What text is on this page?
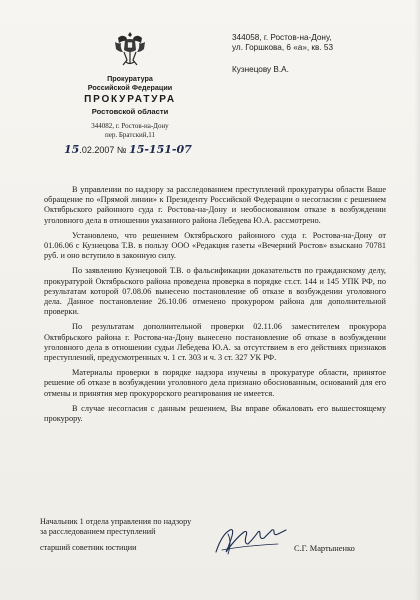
Прокуратура
Российской Федерации
ПРОКУРАТУРА
Ростовской области
344082, г. Ростов-на-Дону
пер. Братский,11
15.02.2007 № 15-151-07
344058, г. Ростов-на-Дону,
ул. Горшкова, 6 «а», кв. 53
Кузнецову В.А.

В управлении по надзору за расследованием преступлений прокуратуры области Ваше обращение по «Прямой линии» к Президенту Российской Федерации о несогласии с решением Октябрьского районного суда г. Ростова-на-Дону и необоснованном отказе в возбуждении уголовного дела в отношении указанного района Лебедева Ю.А. рассмотрено.

Установлено, что решением Октябрьского районного суда г. Ростова-на-Дону от 01.06.06 с Кузнецова Т.В. в пользу ООО «Редакция газеты «Вечерний Ростов» взыскано 70781 руб. и оно вступило в законную силу.

По заявлению Кузнецовой Т.В. о фальсификации доказательств по гражданскому делу, прокуратурой Октябрьского района проведена проверка в порядке ст.ст. 144 и 145 УПК РФ, по результатам которой 07.08.06 вынесено постановление об отказе в возбуждении уголовного дела. Данное постановление 26.10.06 отменено прокурором района для дополнительной проверки.

По результатам дополнительной проверки 02.11.06 заместителем прокурора Октябрьского района г. Ростова-на-Дону вынесено постановление об отказе в возбуждении уголовного дела в отношении судьи Лебедева Ю.А. за отсутствием в его действиях признаков преступлений, предусмотренных ч. 1 ст. 303 и ч. 3 ст. 327 УК РФ.

Материалы проверки в порядке надзора изучены в прокуратуре области, принятое решение об отказе в возбуждении уголовного дела признано обоснованным, оснований для его отмены и принятия мер прокурорского реагирования не имеется.

В случае несогласия с данным решением, Вы вправе обжаловать его вышестоящему прокурору.

Начальник 1 отдела управления по надзору
за расследованием преступлений
старший советник юстиции	С.Г. Мартыненко
